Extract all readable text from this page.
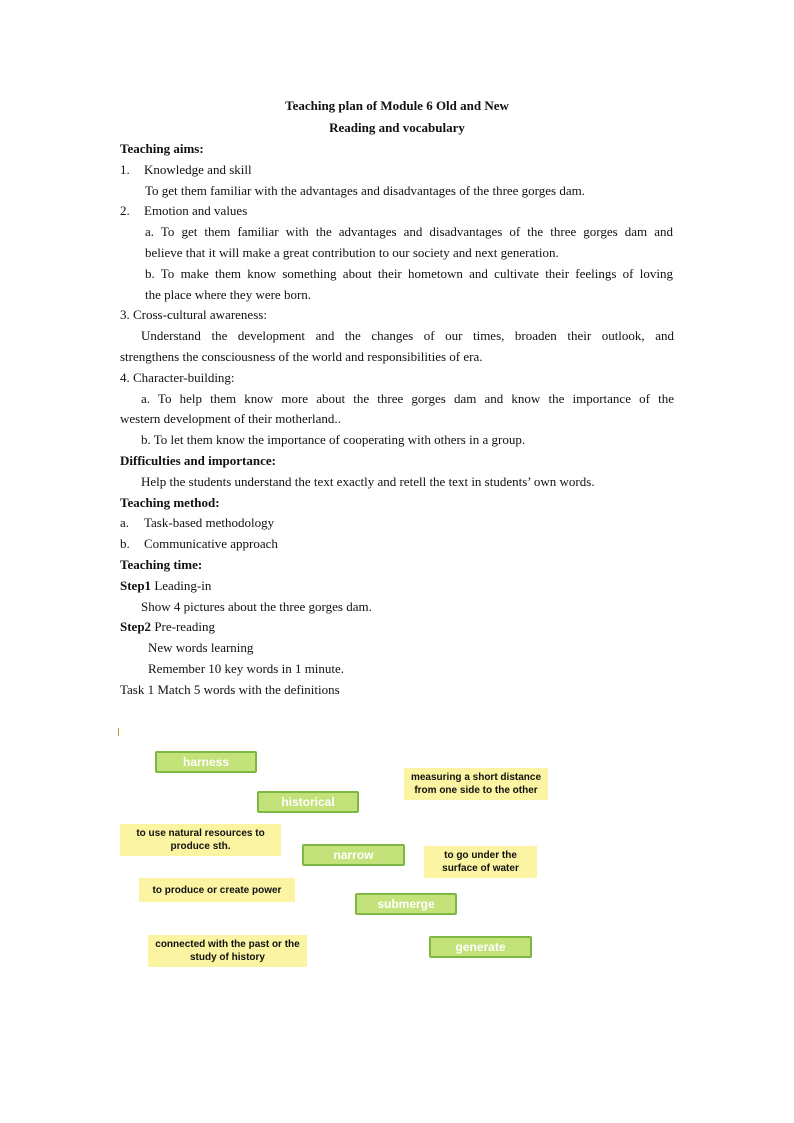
Teaching plan of Module 6 Old and New
Reading and vocabulary
Teaching aims:
1. Knowledge and skill
To get them familiar with the advantages and disadvantages of the three gorges dam.
2. Emotion and values
a. To get them familiar with the advantages and disadvantages of the three gorges dam and
believe that it will make a great contribution to our society and next generation.
b. To make them know something about their hometown and cultivate their feelings of loving
the place where they were born.
3. Cross-cultural awareness:
Understand the development and the changes of our times, broaden their outlook, and
strengthens the consciousness of the world and responsibilities of era.
4. Character-building:
a. To help them know more about the three gorges dam and know the importance of the
western development of their motherland..
b. To let them know the importance of cooperating with others in a group.
Difficulties and importance:
Help the students understand the text exactly and retell the text in students’ own words.
Teaching method:
a. Task-based methodology
b. Communicative approach
Teaching time:
Step1 Leading-in
Show 4 pictures about the three gorges dam.
Step2 Pre-reading
New words learning
Remember 10 key words in 1 minute.
Task 1 Match 5 words with the definitions
harness
historical
narrow
submerge
generate
measuring a short distance from one side to the other
to use natural resources to produce sth.
to go under the surface of water
to produce or create power
connected with the past or the study of history
